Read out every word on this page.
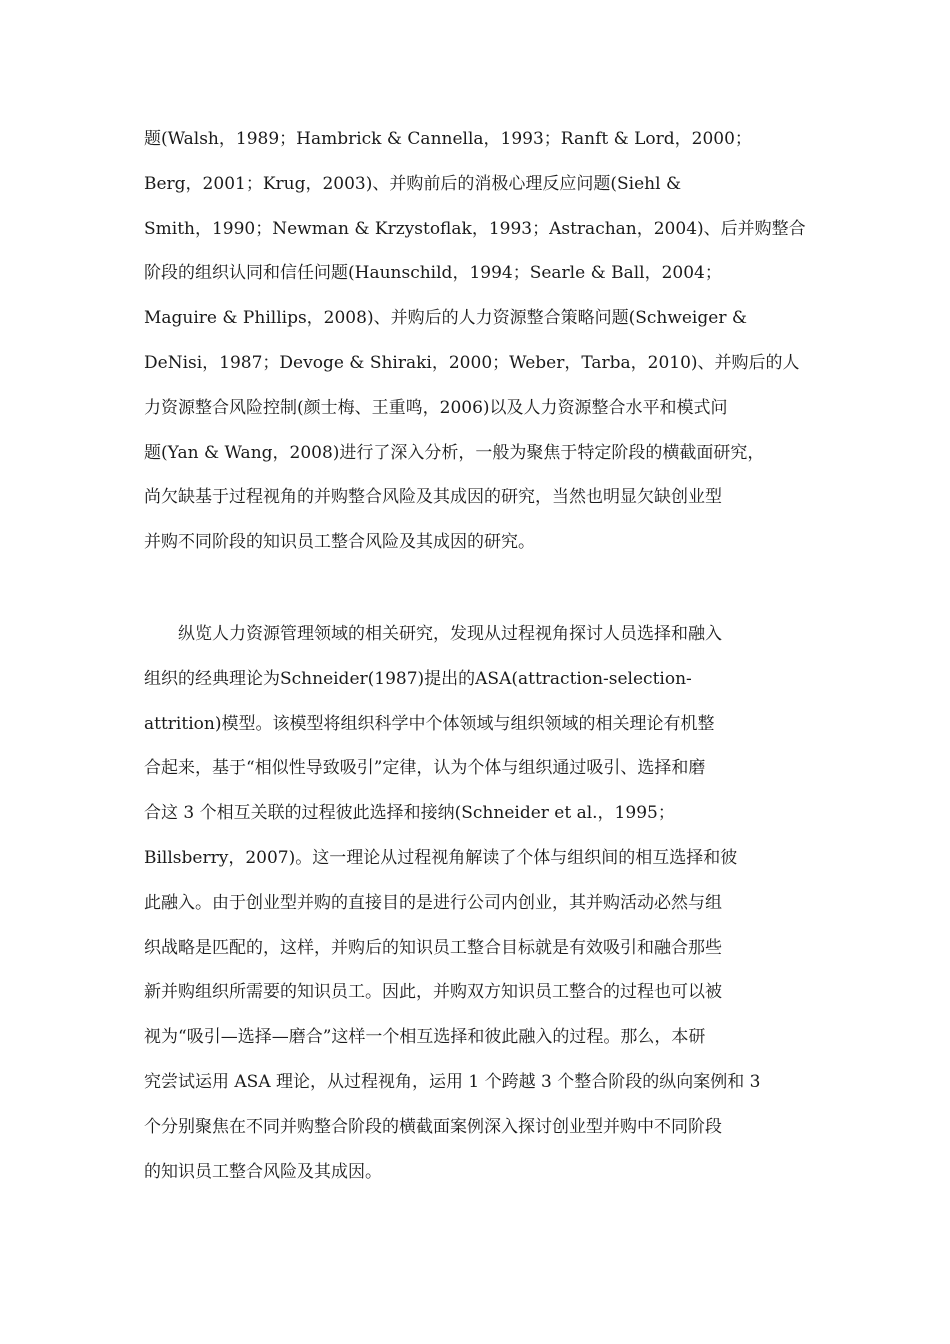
题(Walsh，1989；Hambrick & Cannella，1993；Ranft & Lord，2000；
Berg，2001；Krug，2003)、并购前后的消极心理反应问题(Siehl &
Smith，1990；Newman & Krzystoflak，1993；Astrachan，2004)、后并购整合
阶段的组织认同和信任问题(Haunschild，1994；Searle & Ball，2004；
Maguire & Phillips，2008)、并购后的人力资源整合策略问题(Schweiger &
DeNisi，1987；Devoge & Shiraki，2000；Weber，Tarba，2010)、并购后的人
力资源整合风险控制(颜士梅、王重鸣，2006)以及人力资源整合水平和模式问
题(Yan & Wang，2008)进行了深入分析，一般为聚焦于特定阶段的横截面研究，
尚欠缺基于过程视角的并购整合风险及其成因的研究，当然也明显欠缺创业型
并购不同阶段的知识员工整合风险及其成因的研究。
纵览人力资源管理领域的相关研究，发现从过程视角探讨人员选择和融入
组织的经典理论为Schneider(1987)提出的ASA(attraction-selection-
attrition)模型。该模型将组织科学中个体领域与组织领域的相关理论有机整
合起来，基于“相似性导致吸引”定律，认为个体与组织通过吸引、选择和磨
合这 3 个相互关联的过程彼此选择和接纳(Schneider et al.，1995；
Billsberry，2007)。这一理论从过程视角解读了个体与组织间的相互选择和彼
此融入。由于创业型并购的直接目的是进行公司内创业，其并购活动必然与组
织战略是匹配的，这样，并购后的知识员工整合目标就是有效吸引和融合那些
新并购组织所需要的知识员工。因此，并购双方知识员工整合的过程也可以被
视为“吸引—选择—磨合”这样一个相互选择和彼此融入的过程。那么，本研
究尝试运用 ASA 理论，从过程视角，运用 1 个跨越 3 个整合阶段的纵向案例和 3
个分别聚焦在不同并购整合阶段的横截面案例深入探讨创业型并购中不同阶段
的知识员工整合风险及其成因。
